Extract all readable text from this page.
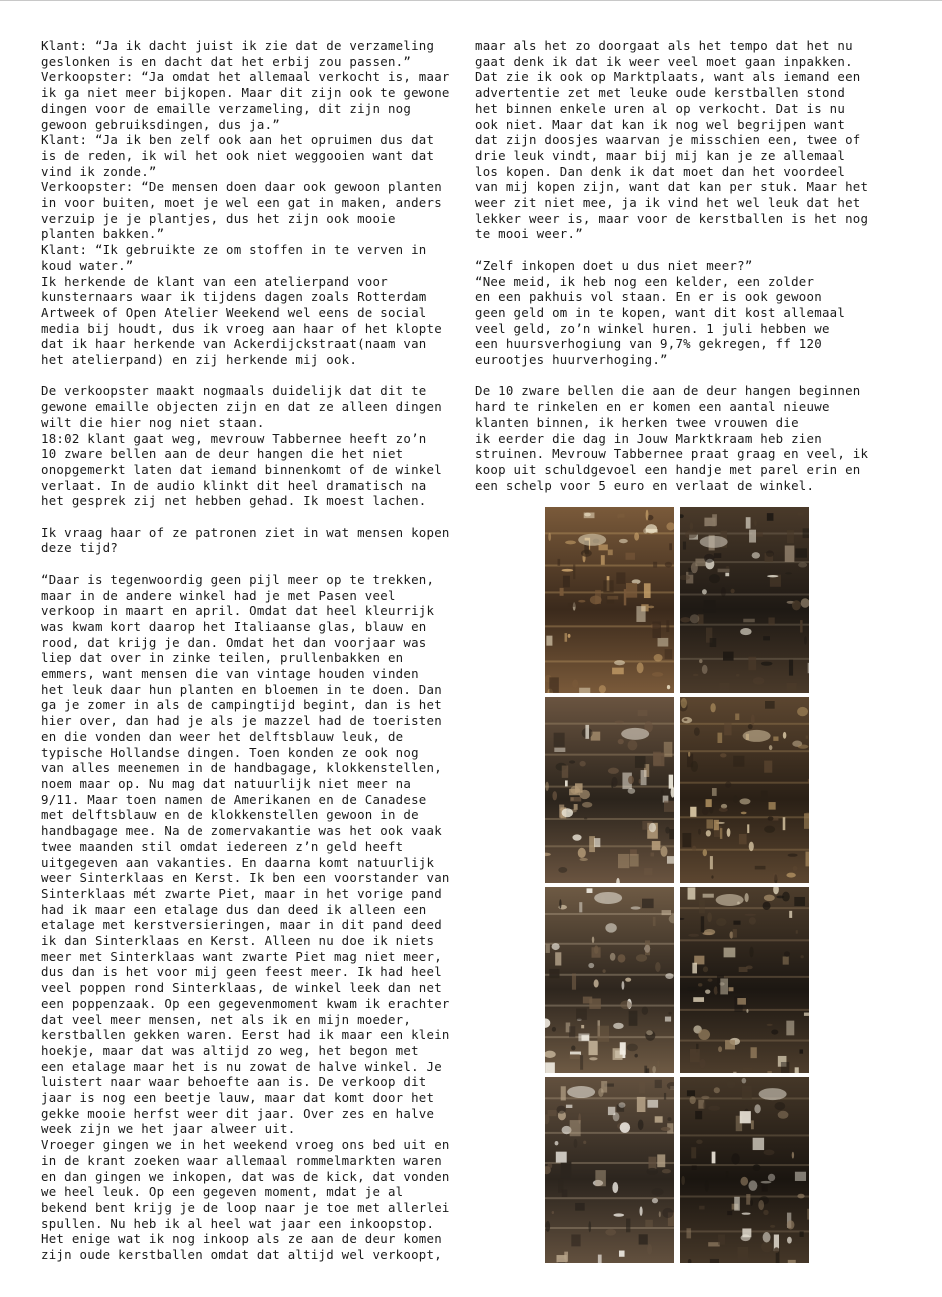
Klant: “Ja ik dacht juist ik zie dat de verzameling
geslonken is en dacht dat het erbij zou passen.”
Verkoopster: “Ja omdat het allemaal verkocht is, maar
ik ga niet meer bijkopen. Maar dit zijn ook te gewone
dingen voor de emaille verzameling, dit zijn nog
gewoon gebruiksdingen, dus ja.”
Klant: “Ja ik ben zelf ook aan het opruimen dus dat
is de reden, ik wil het ook niet weggooien want dat
vind ik zonde.”
Verkoopster: “De mensen doen daar ook gewoon planten
in voor buiten, moet je wel een gat in maken, anders
verzuip je je plantjes, dus het zijn ook mooie
planten bakken.”
Klant: “Ik gebruikte ze om stoffen in te verven in
koud water.”
Ik herkende de klant van een atelierpand voor
kunsternaars waar ik tijdens dagen zoals Rotterdam
Artweek of Open Atelier Weekend wel eens de social
media bij houdt, dus ik vroeg aan haar of het klopte
dat ik haar herkende van Ackerdijckstraat(naam van
het atelierpand) en zij herkende mij ook.

De verkoopster maakt nogmaals duidelijk dat dit te
gewone emaille objecten zijn en dat ze alleen dingen
wilt die hier nog niet staan.
18:02 klant gaat weg, mevrouw Tabbernee heeft zo’n
10 zware bellen aan de deur hangen die het niet
onopgemerkt laten dat iemand binnenkomt of de winkel
verlaat. In de audio klinkt dit heel dramatisch na
het gesprek zij net hebben gehad. Ik moest lachen.

Ik vraag haar of ze patronen ziet in wat mensen kopen
deze tijd?

“Daar is tegenwoordig geen pijl meer op te trekken,
maar in de andere winkel had je met Pasen veel
verkoop in maart en april. Omdat dat heel kleurrijk
was kwam kort daarop het Italiaanse glas, blauw en
rood, dat krijg je dan. Omdat het dan voorjaar was
liep dat over in zinke teilen, prullenbakken en
emmers, want mensen die van vintage houden vinden
het leuk daar hun planten en bloemen in te doen. Dan
ga je zomer in als de campingtijd begint, dan is het
hier over, dan had je als je mazzel had de toeristen
en die vonden dan weer het delftsblauw leuk, de
typische Hollandse dingen. Toen konden ze ook nog
van alles meenemen in de handbagage, klokkenstellen,
noem maar op. Nu mag dat natuurlijk niet meer na
9/11. Maar toen namen de Amerikanen en de Canadese
met delftsblauw en de klokkenstellen gewoon in de
handbagage mee. Na de zomervakantie was het ook vaak
twee maanden stil omdat iedereen z’n geld heeft
uitgegeven aan vakanties. En daarna komt natuurlijk
weer Sinterklaas en Kerst. Ik ben een voorstander van
Sinterklaas mét zwarte Piet, maar in het vorige pand
had ik maar een etalage dus dan deed ik alleen een
etalage met kerstversieringen, maar in dit pand deed
ik dan Sinterklaas en Kerst. Alleen nu doe ik niets
meer met Sinterklaas want zwarte Piet mag niet meer,
dus dan is het voor mij geen feest meer. Ik had heel
veel poppen rond Sinterklaas, de winkel leek dan net
een poppenzaak. Op een gegevenmoment kwam ik erachter
dat veel meer mensen, net als ik en mijn moeder,
kerstballen gekken waren. Eerst had ik maar een klein
hoekje, maar dat was altijd zo weg, het begon met
een etalage maar het is nu zowat de halve winkel. Je
luistert naar waar behoefte aan is. De verkoop dit
jaar is nog een beetje lauw, maar dat komt door het
gekke mooie herfst weer dit jaar. Over zes en halve
week zijn we het jaar alweer uit.
Vroeger gingen we in het weekend vroeg ons bed uit en
in de krant zoeken waar allemaal rommelmarkten waren
en dan gingen we inkopen, dat was de kick, dat vonden
we heel leuk. Op een gegeven moment, mdat je al
bekend bent krijg je de loop naar je toe met allerlei
spullen. Nu heb ik al heel wat jaar een inkoopstop.
Het enige wat ik nog inkoop als ze aan de deur komen
zijn oude kerstballen omdat dat altijd wel verkoopt,

maar als het zo doorgaat als het tempo dat het nu
gaat denk ik dat ik weer veel moet gaan inpakken.
Dat zie ik ook op Marktplaats, want als iemand een
advertentie zet met leuke oude kerstballen stond
het binnen enkele uren al op verkocht. Dat is nu
ook niet. Maar dat kan ik nog wel begrijpen want
dat zijn doosjes waarvan je misschien een, twee of
drie leuk vindt, maar bij mij kan je ze allemaal
los kopen. Dan denk ik dat moet dan het voordeel
van mij kopen zijn, want dat kan per stuk. Maar het
weer zit niet mee, ja ik vind het wel leuk dat het
lekker weer is, maar voor de kerstballen is het nog
te mooi weer.”

“Zelf inkopen doet u dus niet meer?”
“Nee meid, ik heb nog een kelder, een zolder
en een pakhuis vol staan. En er is ook gewoon
geen geld om in te kopen, want dit kost allemaal
veel geld, zo’n winkel huren. 1 juli hebben we
een huursverhogiung van 9,7% gekregen, ff 120
eurootjes huurverhoging.”

De 10 zware bellen die aan de deur hangen beginnen
hard te rinkelen en er komen een aantal nieuwe
klanten binnen, ik herken twee vrouwen die
ik eerder die dag in Jouw Marktkraam heb zien
struinen. Mevrouw Tabbernee praat graag en veel, ik
koop uit schuldgevoel een handje met parel erin en
een schelp voor 5 euro en verlaat de winkel.
